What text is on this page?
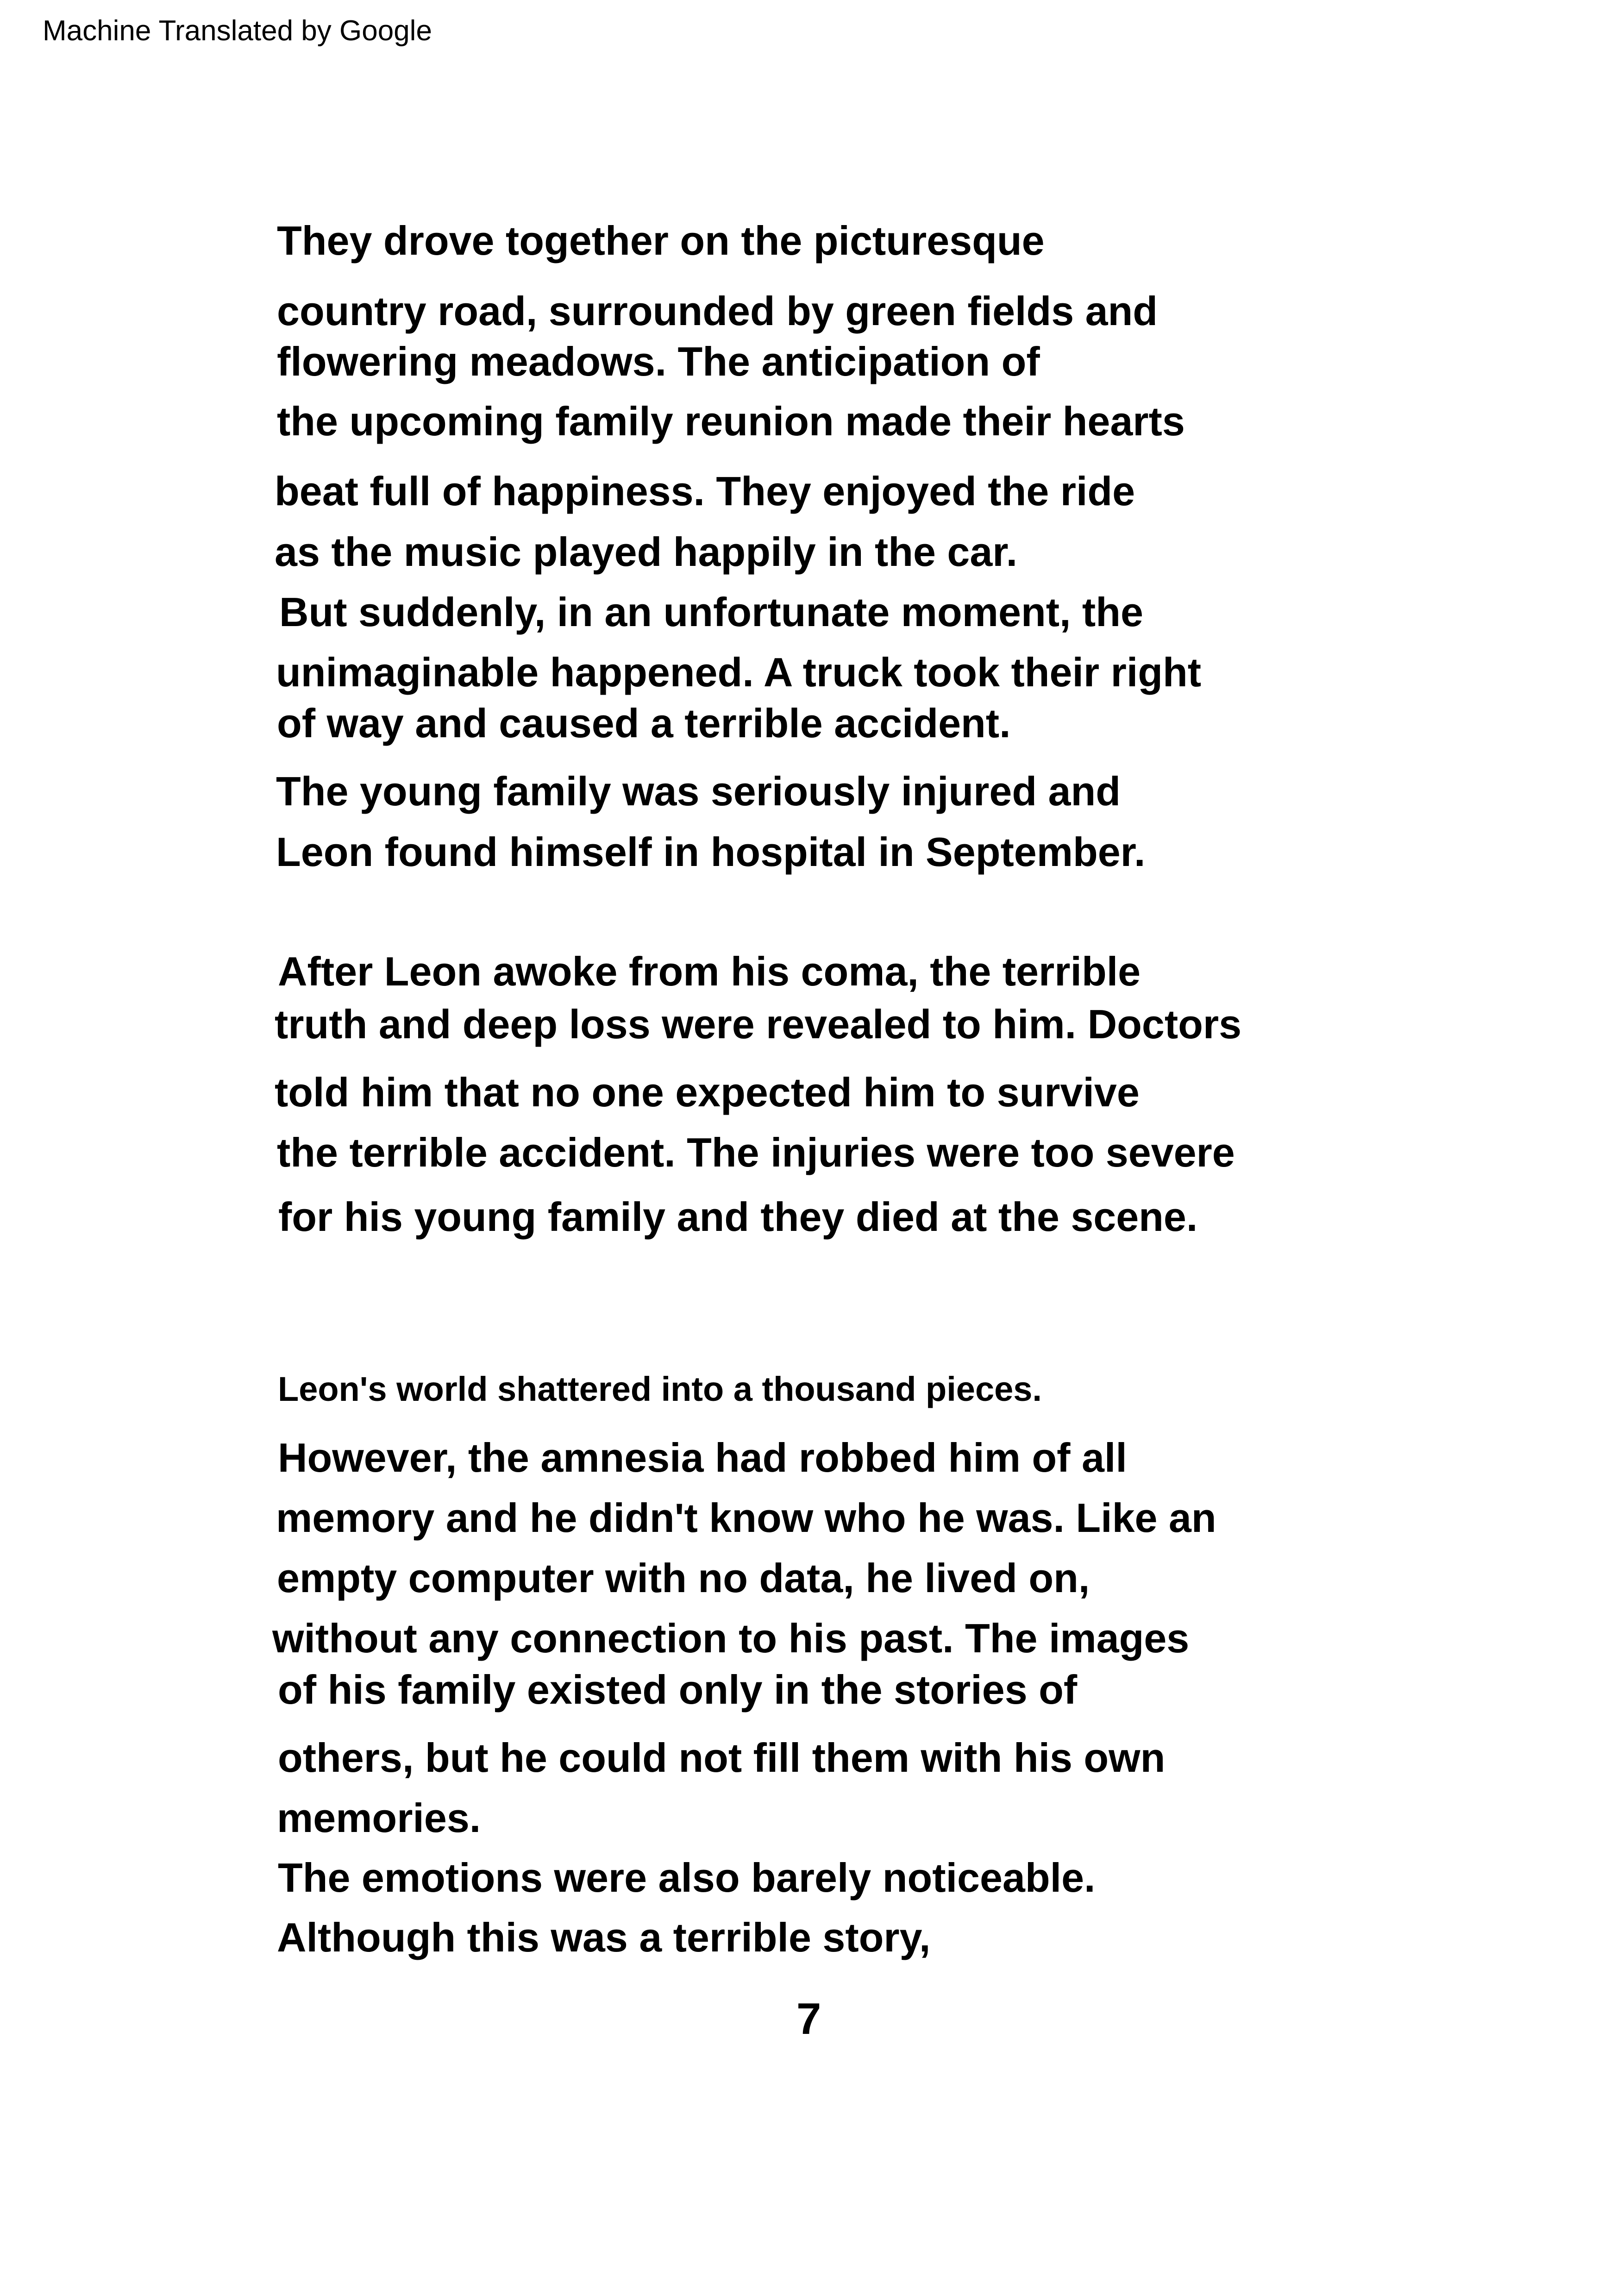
Machine Translated by Google
They drove together on the picturesque
country road, surrounded by green fields and
flowering meadows. The anticipation of
the upcoming family reunion made their hearts
beat full of happiness. They enjoyed the ride
as the music played happily in the car.
But suddenly, in an unfortunate moment, the
unimaginable happened. A truck took their right
of way and caused a terrible accident.
The young family was seriously injured and
Leon found himself in hospital in September.
After Leon awoke from his coma, the terrible
truth and deep loss were revealed to him. Doctors
told him that no one expected him to survive
the terrible accident. The injuries were too severe
for his young family and they died at the scene.
Leon's world shattered into a thousand pieces.
However, the amnesia had robbed him of all
memory and he didn't know who he was. Like an
empty computer with no data, he lived on,
without any connection to his past. The images
of his family existed only in the stories of
others, but he could not fill them with his own
memories.
The emotions were also barely noticeable.
Although this was a terrible story,
7
